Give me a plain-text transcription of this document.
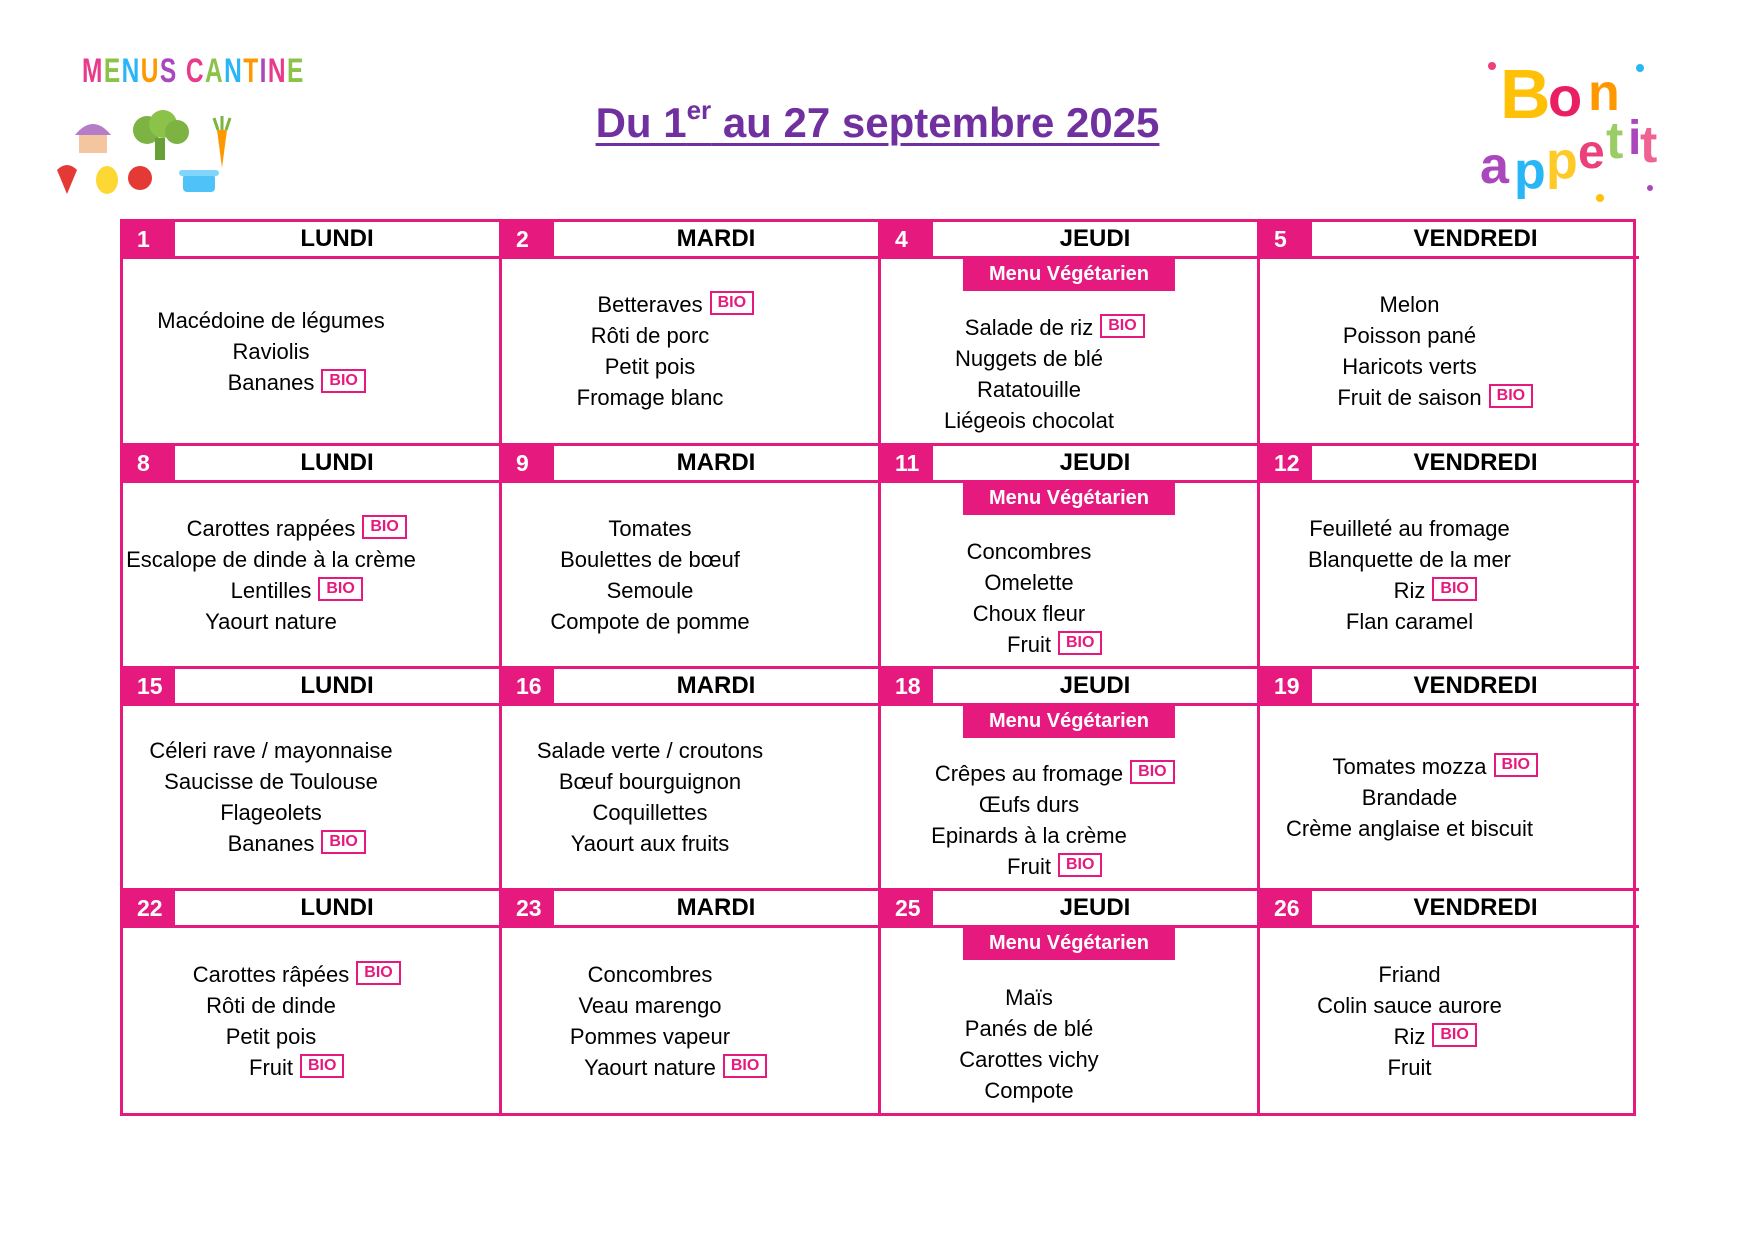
MENUS CANTINE
Du 1er au 27 septembre 2025	B
o n
a p p e t i
t
1	LUNDI
Macédoine de légumes
Raviolis
Bananes BIO
2	MARDI
Betteraves BIO
Rôti de porc
Petit pois
Fromage blanc
4	JEUDI
Menu Végétarien
Salade de riz BIO
Nuggets de blé
Ratatouille
Liégeois chocolat
5	VENDREDI
Melon
Poisson pané
Haricots verts
Fruit de saison BIO
8	LUNDI
Carottes rappées BIO
Escalope de dinde à la crème
Lentilles BIO
Yaourt nature
9	MARDI
Tomates
Boulettes de bœuf
Semoule
Compote de pomme
11	JEUDI
Menu Végétarien
Concombres
Omelette
Choux fleur
Fruit BIO
12	VENDREDI
Feuilleté au fromage
Blanquette de la mer
Riz BIO
Flan caramel
15	LUNDI
Céleri rave / mayonnaise
Saucisse de Toulouse
Flageolets
Bananes BIO
16	MARDI
Salade verte / croutons
Bœuf bourguignon
Coquillettes
Yaourt aux fruits
18	JEUDI
Menu Végétarien
Crêpes au fromage BIO
Œufs durs
Epinards à la crème
Fruit BIO
19	VENDREDI
Tomates mozza BIO
Brandade
Crème anglaise et biscuit
22	LUNDI
Carottes râpées BIO
Rôti de dinde
Petit pois
Fruit BIO
23	MARDI
Concombres
Veau marengo
Pommes vapeur
Yaourt nature BIO
25	JEUDI
Menu Végétarien
Maïs
Panés de blé
Carottes vichy
Compote
26	VENDREDI
Friand
Colin sauce aurore
Riz BIO
Fruit
